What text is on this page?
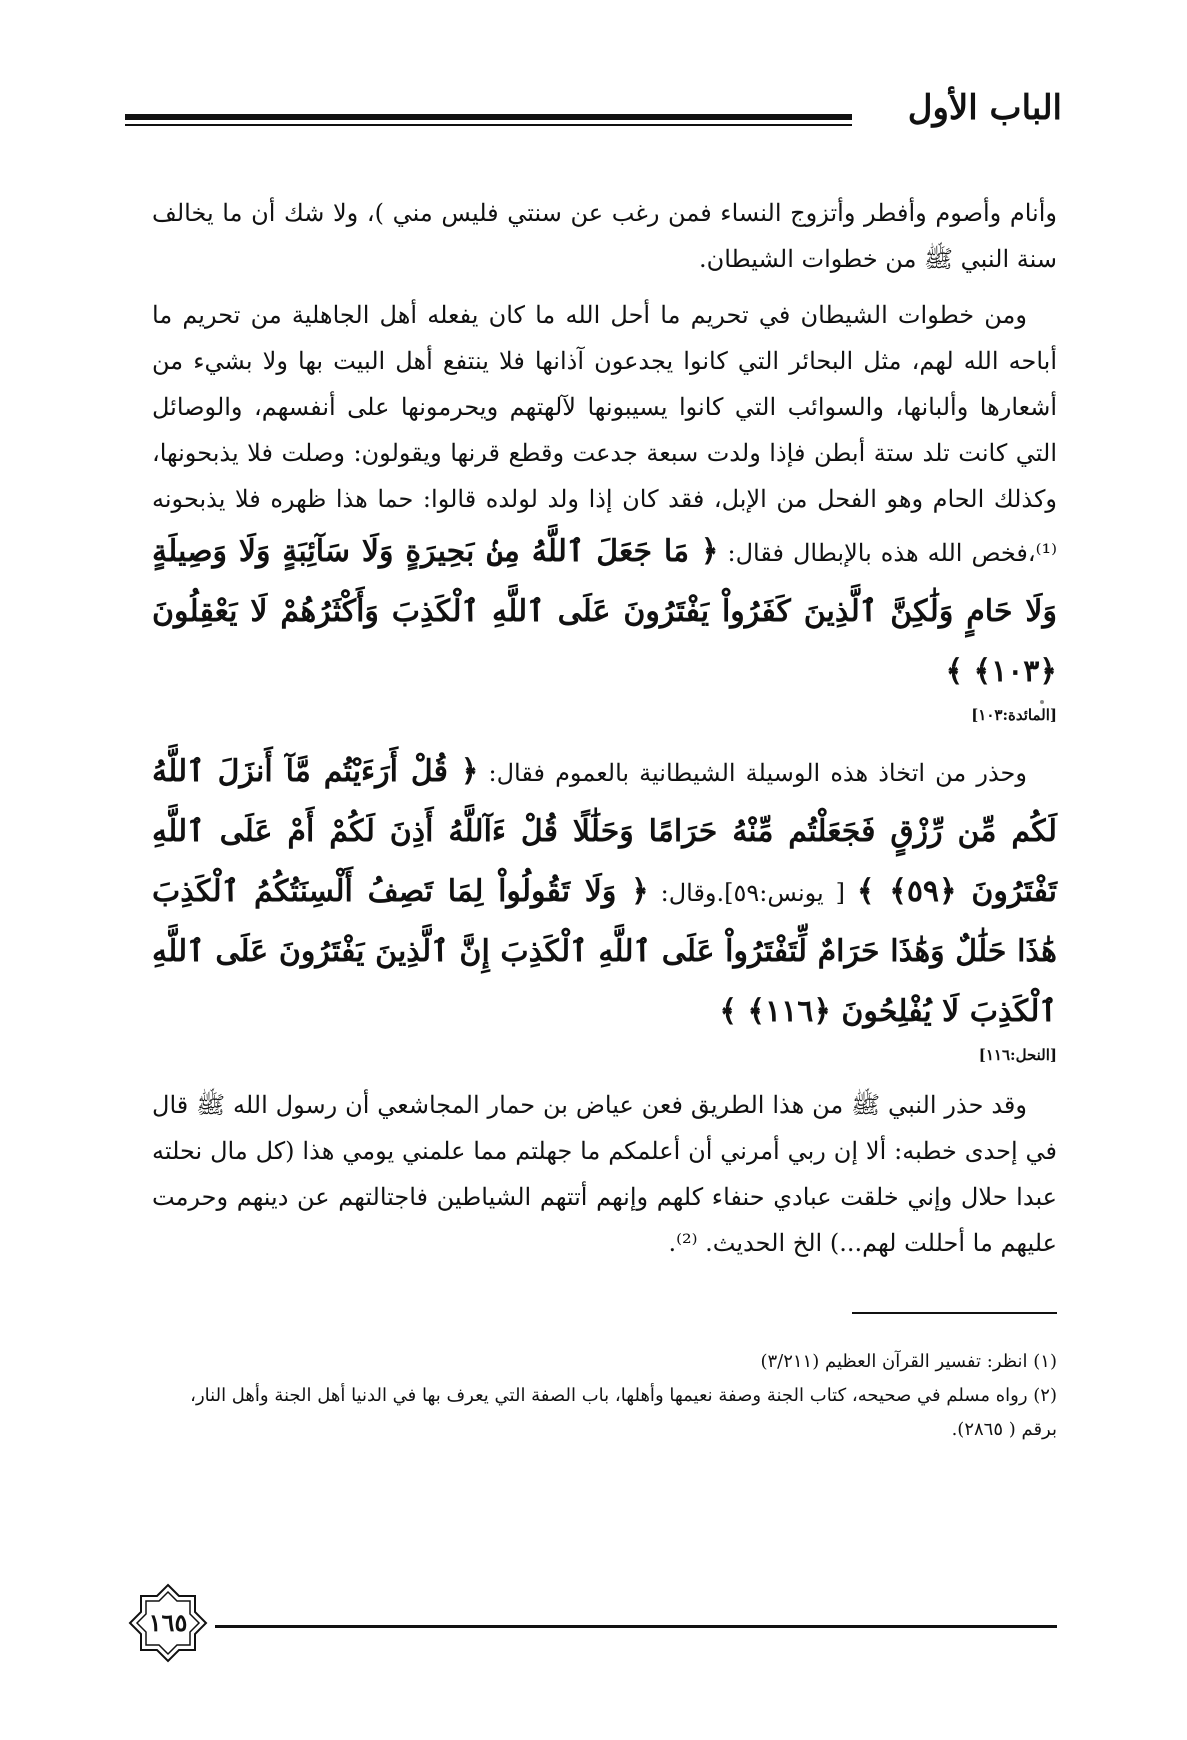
الباب الأول

وأنام وأصوم وأفطر وأتزوج النساء فمن رغب عن سنتي فليس مني )، ولا شك أن ما يخالف سنة النبي ﷺ من خطوات الشيطان.

ومن خطوات الشيطان في تحريم ما أحل الله ما كان يفعله أهل الجاهلية من تحريم ما أباحه الله لهم، مثل البحائر التي كانوا يجدعون آذانها فلا ينتفع أهل البيت بها ولا بشيء من أشعارها وألبانها، والسوائب التي كانوا يسيبونها لآلهتهم ويحرمونها على أنفسهم، والوصائل التي كانت تلد ستة أبطن فإذا ولدت سبعة جدعت وقطع قرنها ويقولون: وصلت فلا يذبحونها، وكذلك الحام وهو الفحل من الإبل، فقد كان إذا ولد لولده قالوا: حما هذا ظهره فلا يذبحونه ⁽¹⁾،فخص الله هذه بالإبطال فقال: ﴿ مَا جَعَلَ ٱللَّهُ مِنۢ بَحِيرَةٍ وَلَا سَآئِبَةٍ وَلَا وَصِيلَةٍ وَلَا حَامٍ وَلَٰكِنَّ ٱلَّذِينَ كَفَرُواْ يَفْتَرُونَ عَلَى ٱللَّهِ ٱلْكَذِبَ وَأَكْثَرُهُمْ لَا يَعْقِلُونَ ﴿١٠٣﴾ ﴾

[المائدة:١٠٣]

وحذر من اتخاذ هذه الوسيلة الشيطانية بالعموم فقال: ﴿ قُلْ أَرَءَيْتُم مَّآ أَنزَلَ ٱللَّهُ لَكُم مِّن رِّزْقٍ فَجَعَلْتُم مِّنْهُ حَرَامًا وَحَلَٰلًا قُلْ ءَآللَّهُ أَذِنَ لَكُمْ أَمْ عَلَى ٱللَّهِ تَفْتَرُونَ ﴿٥٩﴾ ﴾ [ يونس:٥٩].وقال: ﴿ وَلَا تَقُولُواْ لِمَا تَصِفُ أَلْسِنَتُكُمُ ٱلْكَذِبَ هَٰذَا حَلَٰلٌ وَهَٰذَا حَرَامٌ لِّتَفْتَرُواْ عَلَى ٱللَّهِ ٱلْكَذِبَ إِنَّ ٱلَّذِينَ يَفْتَرُونَ عَلَى ٱللَّهِ ٱلْكَذِبَ لَا يُفْلِحُونَ ﴿١١٦﴾ ﴾

[النحل:١١٦]

وقد حذر النبي ﷺ من هذا الطريق فعن عياض بن حمار المجاشعي أن رسول الله ﷺ قال في إحدى خطبه: ألا إن ربي أمرني أن أعلمكم ما جهلتم مما علمني يومي هذا (كل مال نحلته عبدا حلال وإني خلقت عبادي حنفاء كلهم وإنهم أتتهم الشياطين فاجتالتهم عن دينهم وحرمت عليهم ما أحللت لهم...) الخ الحديث. ⁽²⁾.

(١) انظر: تفسير القرآن العظيم (٣/٢١١)

(٢) رواه مسلم في صحيحه، كتاب الجنة وصفة نعيمها وأهلها، باب الصفة التي يعرف بها في الدنيا أهل الجنة وأهل النار، برقم ( ٢٨٦٥).

١٦٥
